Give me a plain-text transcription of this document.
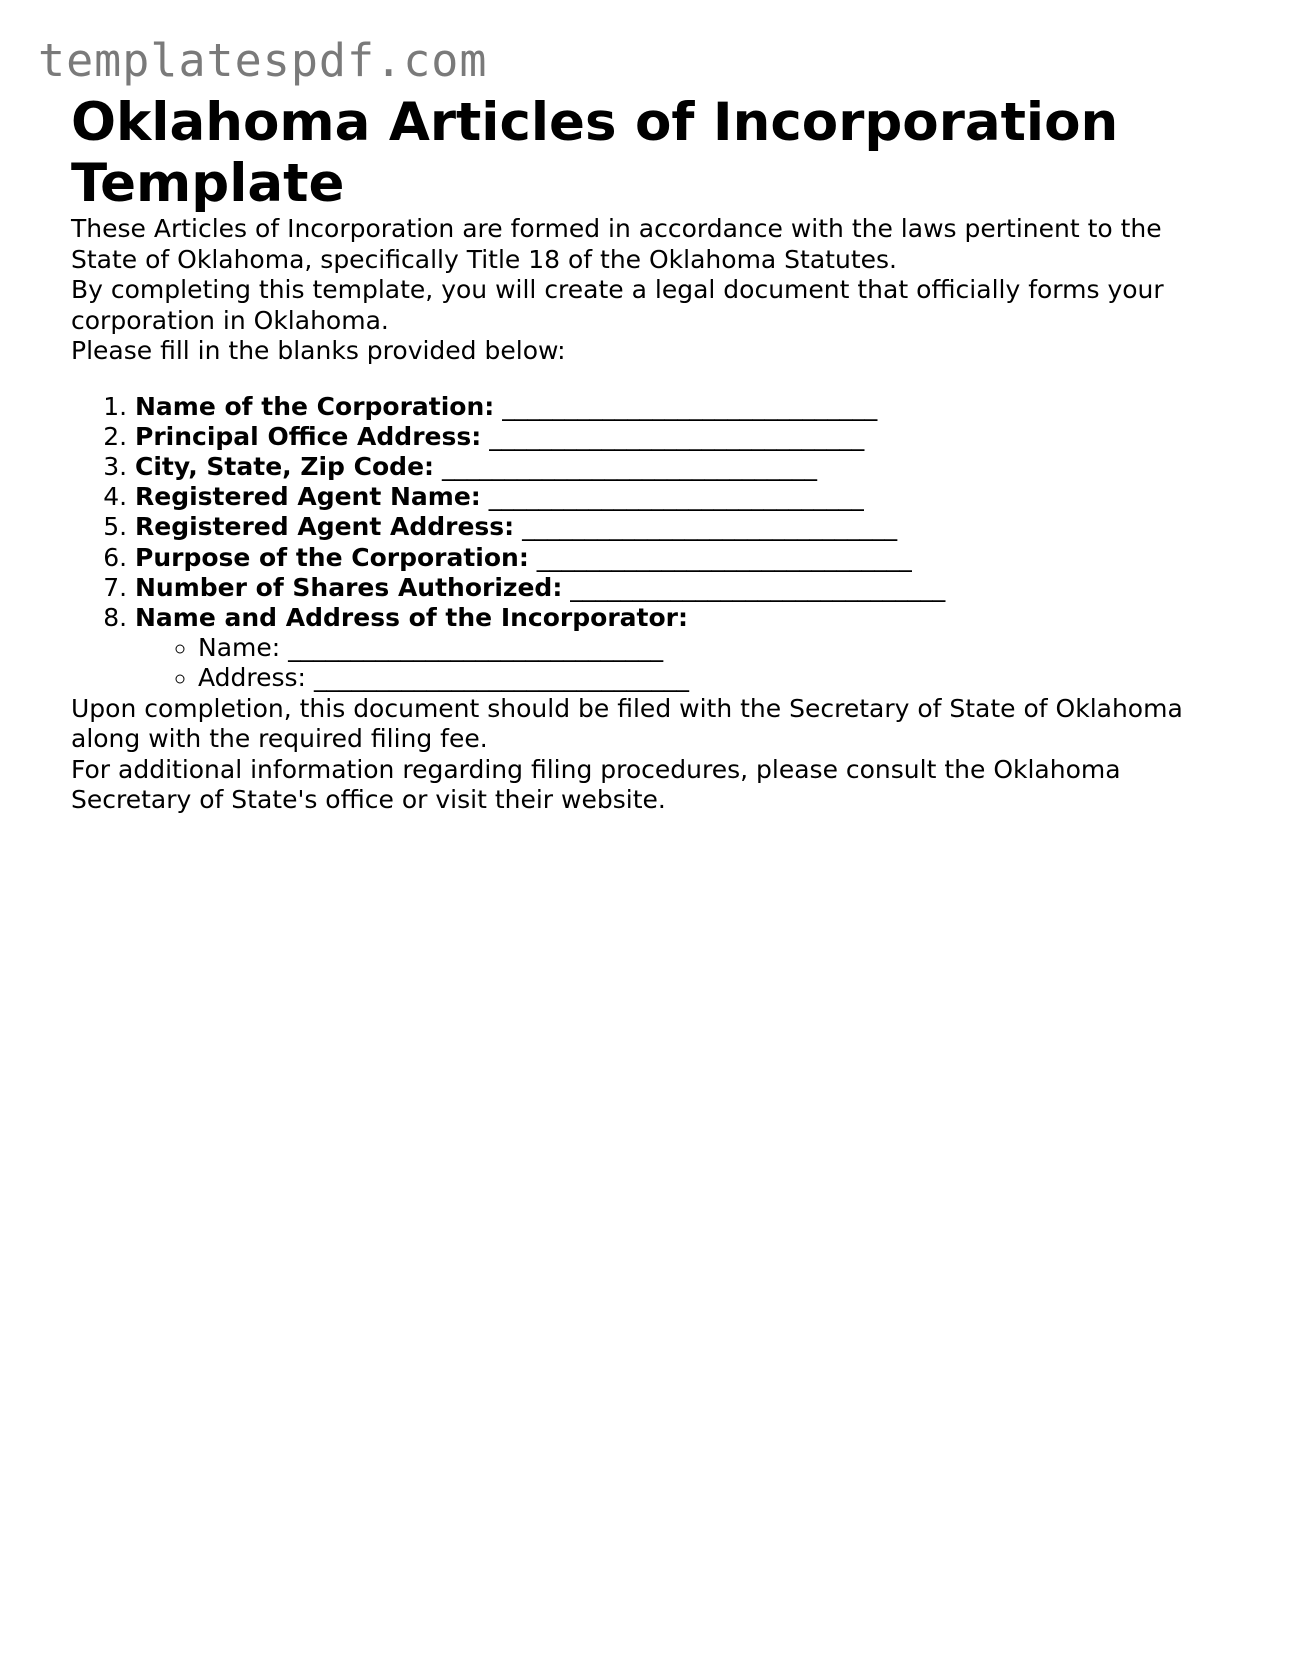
templatespdf.com
Oklahoma Articles of Incorporation Template

These Articles of Incorporation are formed in accordance with the laws pertinent to the State of Oklahoma, specifically Title 18 of the Oklahoma Statutes.

By completing this template, you will create a legal document that officially forms your corporation in Oklahoma.

Please fill in the blanks provided below:

1. Name of the Corporation: ______________________________
2. Principal Office Address: ______________________________
3. City, State, Zip Code: ______________________________
4. Registered Agent Name: ______________________________
5. Registered Agent Address: ______________________________
6. Purpose of the Corporation: ______________________________
7. Number of Shares Authorized: ______________________________
8. Name and Address of the Incorporator:
◦ Name: ______________________________
◦ Address: ______________________________

Upon completion, this document should be filed with the Secretary of State of Oklahoma along with the required filing fee.

For additional information regarding filing procedures, please consult the Oklahoma Secretary of State's office or visit their website.
